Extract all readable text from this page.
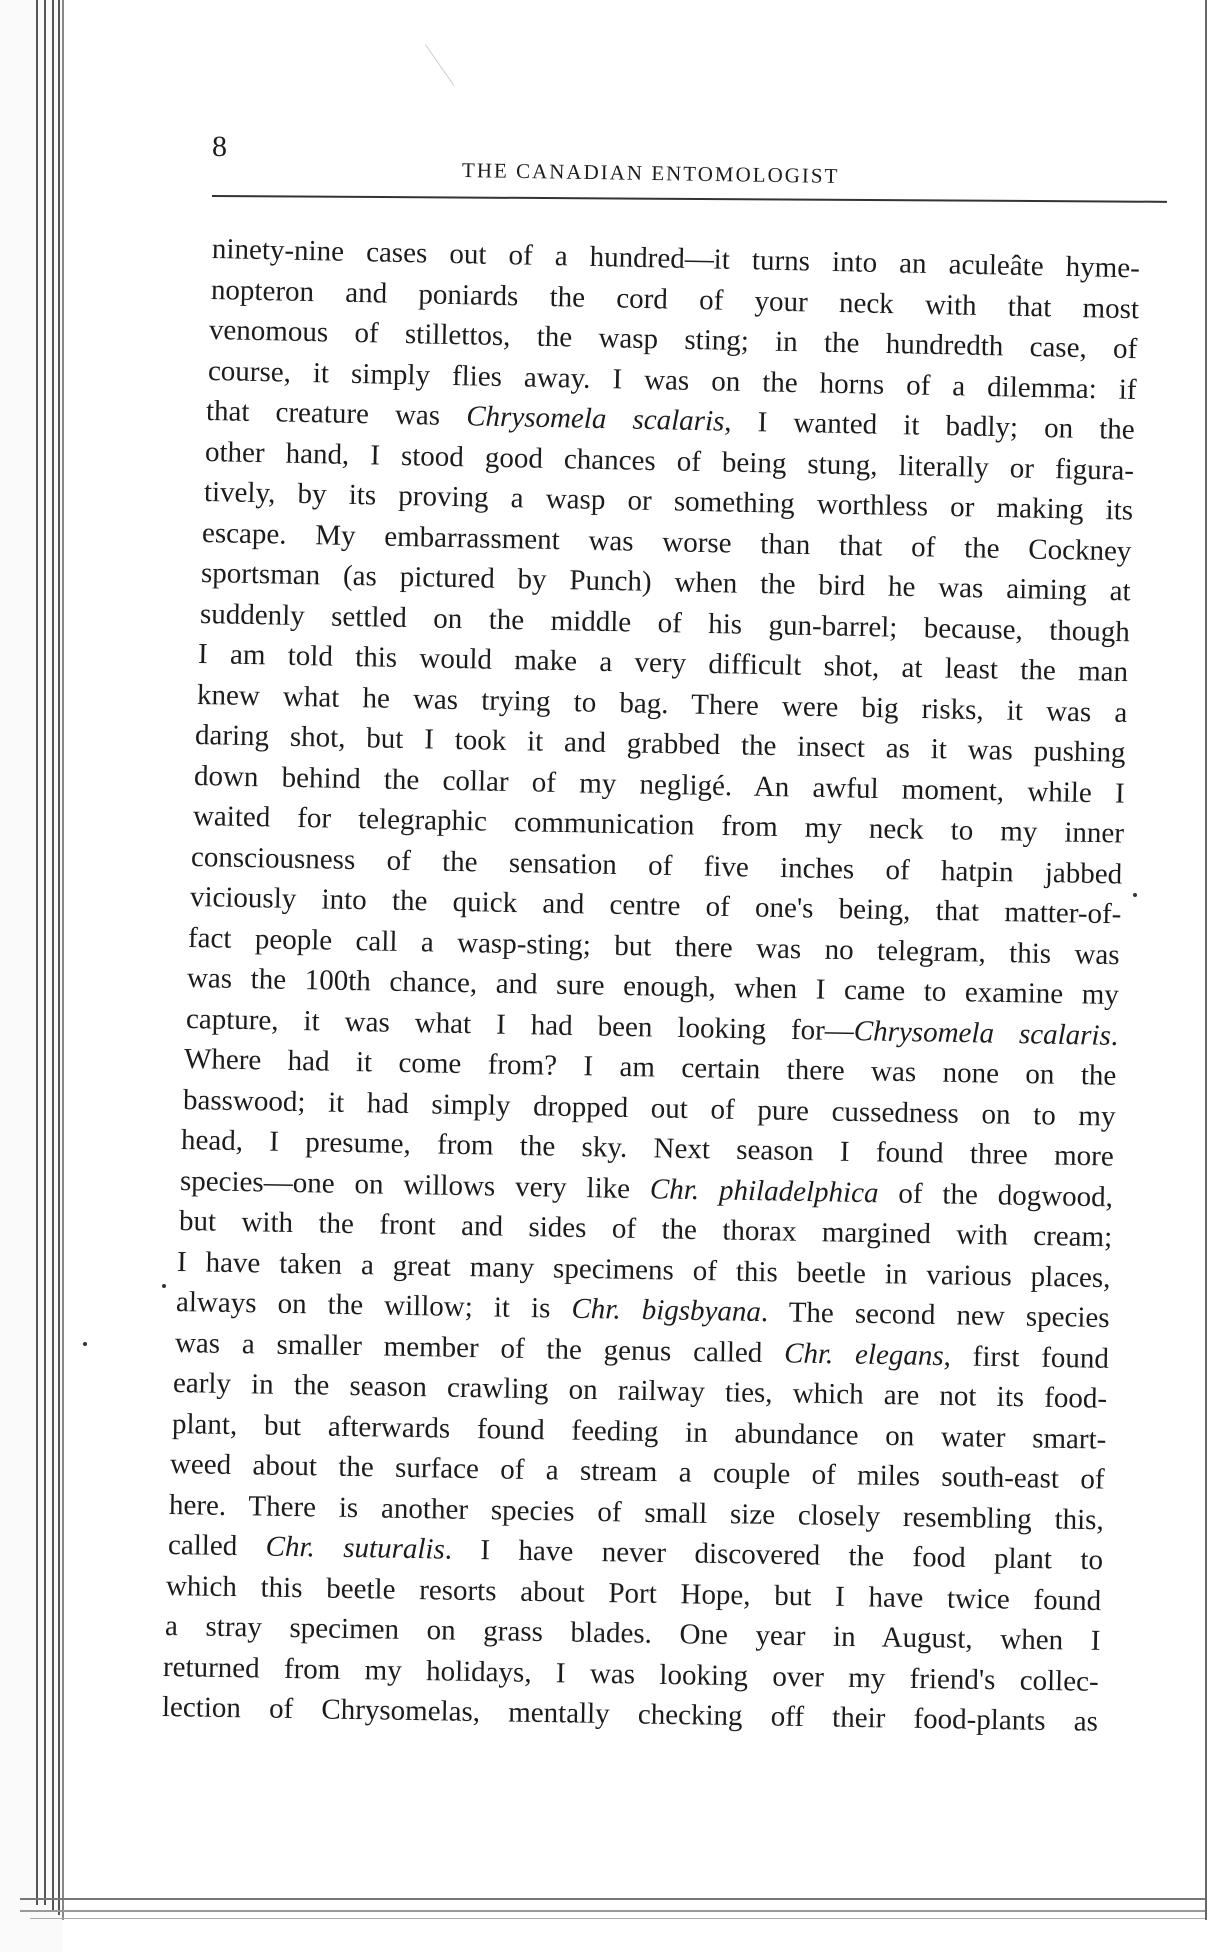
8
THE CANADIAN ENTOMOLOGIST
ninety-nine cases out of a hundred—it turns into an aculeâte hyme-
nopteron and poniards the cord of your neck with that most
venomous of stillettos, the wasp sting; in the hundredth case, of
course, it simply flies away. I was on the horns of a dilemma: if
that creature was Chrysomela scalaris, I wanted it badly; on the
other hand, I stood good chances of being stung, literally or figura-
tively, by its proving a wasp or something worthless or making its
escape. My embarrassment was worse than that of the Cockney
sportsman (as pictured by Punch) when the bird he was aiming at
suddenly settled on the middle of his gun-barrel; because, though
I am told this would make a very difficult shot, at least the man
knew what he was trying to bag. There were big risks, it was a
daring shot, but I took it and grabbed the insect as it was pushing
down behind the collar of my negligé. An awful moment, while I
waited for telegraphic communication from my neck to my inner
consciousness of the sensation of five inches of hatpin jabbed
viciously into the quick and centre of one's being, that matter-of-
fact people call a wasp-sting; but there was no telegram, this was
was the 100th chance, and sure enough, when I came to examine my
capture, it was what I had been looking for—Chrysomela scalaris.
Where had it come from? I am certain there was none on the
basswood; it had simply dropped out of pure cussedness on to my
head, I presume, from the sky. Next season I found three more
species—one on willows very like Chr. philadelphica of the dogwood,
but with the front and sides of the thorax margined with cream;
I have taken a great many specimens of this beetle in various places,
always on the willow; it is Chr. bigsbyana. The second new species
was a smaller member of the genus called Chr. elegans, first found
early in the season crawling on railway ties, which are not its food-
plant, but afterwards found feeding in abundance on water smart-
weed about the surface of a stream a couple of miles south-east of
here. There is another species of small size closely resembling this,
called Chr. suturalis. I have never discovered the food plant to
which this beetle resorts about Port Hope, but I have twice found
a stray specimen on grass blades. One year in August, when I
returned from my holidays, I was looking over my friend's collec-
lection of Chrysomelas, mentally checking off their food-plants as
